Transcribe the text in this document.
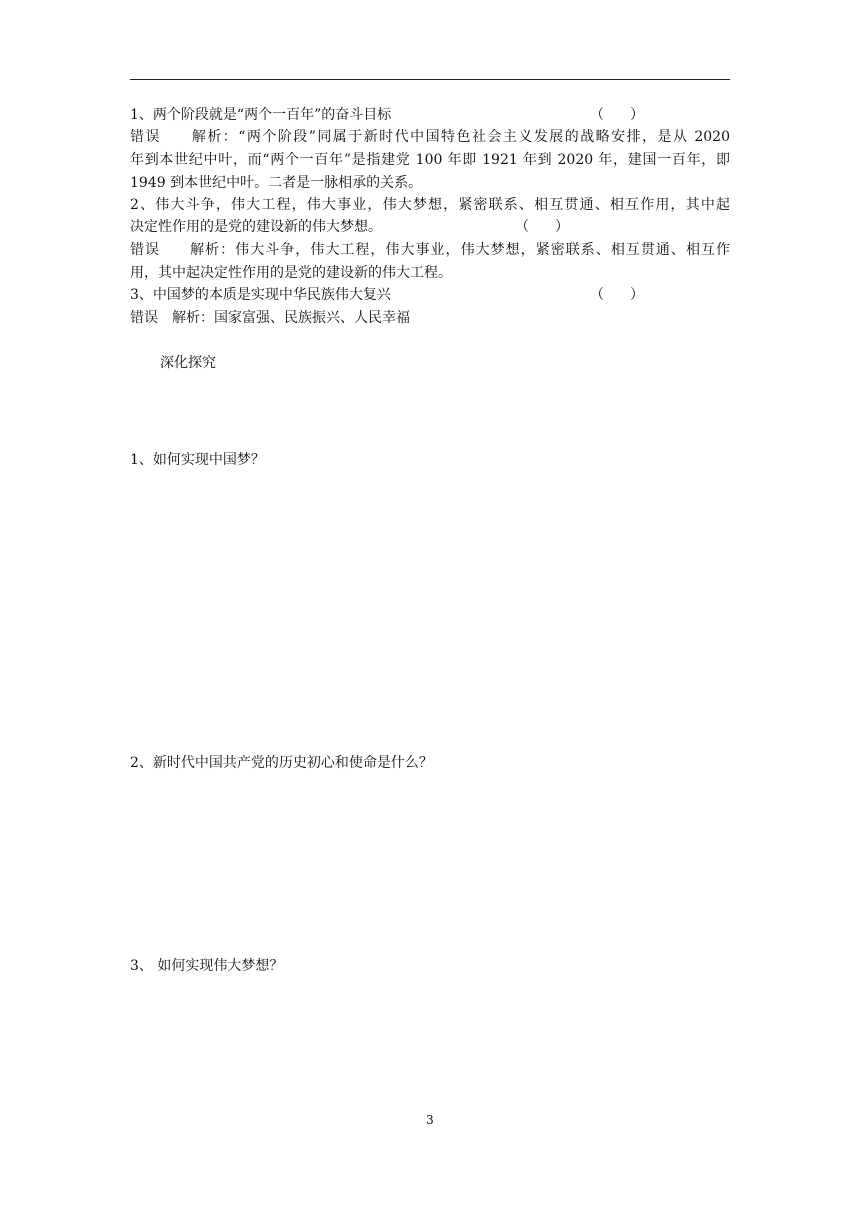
1、两个阶段就是“两个一百年”的奋斗目标	（ ）
错误　　解析：“两个阶段”同属于新时代中国特色社会主义发展的战略安排，是从 2020
年到本世纪中叶，而“两个一百年”是指建党 100 年即 1921 年到 2020 年，建国一百年，即
1949 到本世纪中叶。二者是一脉相承的关系。
2、伟大斗争，伟大工程，伟大事业，伟大梦想，紧密联系、相互贯通、相互作用，其中起
决定性作用的是党的建设新的伟大梦想。	（ ）
错误　　解析：伟大斗争，伟大工程，伟大事业，伟大梦想，紧密联系、相互贯通、相互作
用，其中起决定性作用的是党的建设新的伟大工程。
3、中国梦的本质是实现中华民族伟大复兴	（ ）
错误　解析：国家富强、民族振兴、人民幸福
深化探究
1、如何实现中国梦？
2、新时代中国共产党的历史初心和使命是什么？
3、 如何实现伟大梦想？
3
